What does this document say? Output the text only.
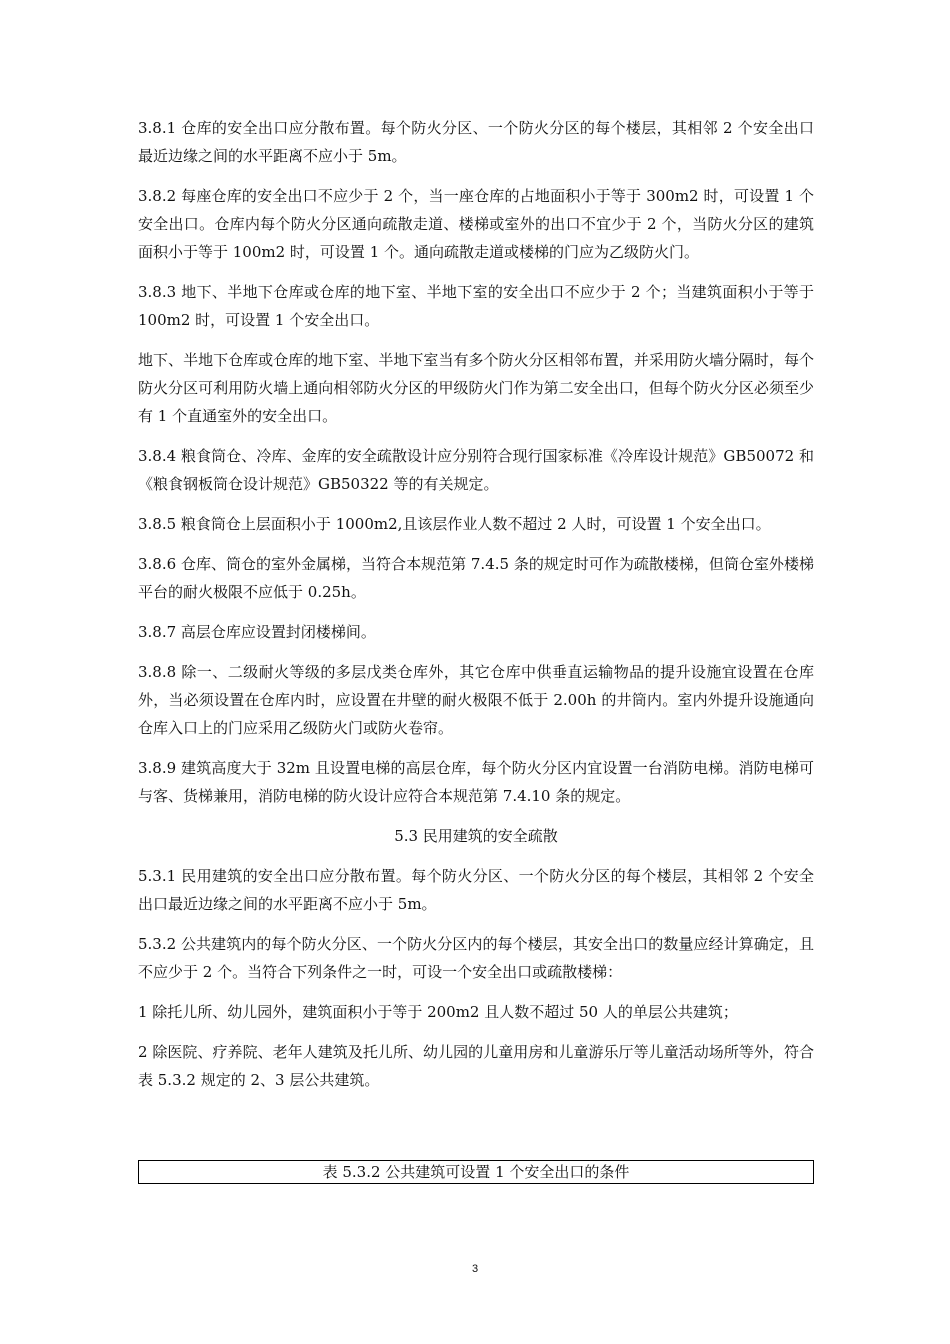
3.8.1 仓库的安全出口应分散布置。每个防火分区、一个防火分区的每个楼层，其相邻 2 个安全出口最近边缘之间的水平距离不应小于 5m。

3.8.2 每座仓库的安全出口不应少于 2 个，当一座仓库的占地面积小于等于 300m2 时，可设置 1 个安全出口。仓库内每个防火分区通向疏散走道、楼梯或室外的出口不宜少于 2 个，当防火分区的建筑面积小于等于 100m2 时，可设置 1 个。通向疏散走道或楼梯的门应为乙级防火门。

3.8.3 地下、半地下仓库或仓库的地下室、半地下室的安全出口不应少于 2 个；当建筑面积小于等于 100m2 时，可设置 1 个安全出口。

地下、半地下仓库或仓库的地下室、半地下室当有多个防火分区相邻布置，并采用防火墙分隔时，每个防火分区可利用防火墙上通向相邻防火分区的甲级防火门作为第二安全出口，但每个防火分区必须至少有 1 个直通室外的安全出口。

3.8.4 粮食筒仓、冷库、金库的安全疏散设计应分别符合现行国家标准《冷库设计规范》GB50072 和《粮食钢板筒仓设计规范》GB50322 等的有关规定。

3.8.5 粮食筒仓上层面积小于 1000m2,且该层作业人数不超过 2 人时，可设置 1 个安全出口。

3.8.6 仓库、筒仓的室外金属梯，当符合本规范第 7.4.5 条的规定时可作为疏散楼梯，但筒仓室外楼梯平台的耐火极限不应低于 0.25h。

3.8.7 高层仓库应设置封闭楼梯间。

3.8.8 除一、二级耐火等级的多层戊类仓库外，其它仓库中供垂直运输物品的提升设施宜设置在仓库外，当必须设置在仓库内时，应设置在井壁的耐火极限不低于 2.00h 的井筒内。室内外提升设施通向仓库入口上的门应采用乙级防火门或防火卷帘。

3.8.9 建筑高度大于 32m 且设置电梯的高层仓库，每个防火分区内宜设置一台消防电梯。消防电梯可与客、货梯兼用，消防电梯的防火设计应符合本规范第 7.4.10 条的规定。

5.3 民用建筑的安全疏散

5.3.1 民用建筑的安全出口应分散布置。每个防火分区、一个防火分区的每个楼层，其相邻 2 个安全出口最近边缘之间的水平距离不应小于 5m。

5.3.2 公共建筑内的每个防火分区、一个防火分区内的每个楼层，其安全出口的数量应经计算确定，且不应少于 2 个。当符合下列条件之一时，可设一个安全出口或疏散楼梯：

1 除托儿所、幼儿园外，建筑面积小于等于 200m2 且人数不超过 50 人的单层公共建筑；

2 除医院、疗养院、老年人建筑及托儿所、幼儿园的儿童用房和儿童游乐厅等儿童活动场所等外，符合表 5.3.2 规定的 2、3 层公共建筑。

表 5.3.2 公共建筑可设置 1 个安全出口的条件
3
